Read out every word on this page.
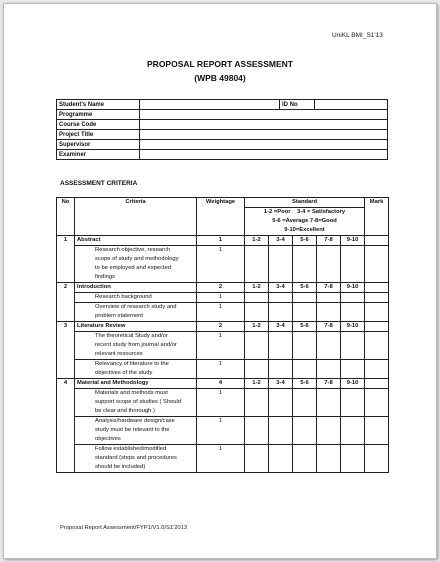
UniKL BMI_S1'13
PROPOSAL REPORT ASSESSMENT
(WPB 49804)
Student's Name		ID No	
Programme			
Course Code			
Project Title			
Supervisor			
Examiner			
ASSESSMENT CRITERIA
No	Criteria	Weightage	Standard					Mark

			1-2 =Poor 3-4 = Satisfactory
5-6 =Average 7-8=Good
9-10=Excellent					

1	Abstract	1	1-2	3-4	5-6	7-8	9-10	

	Research objective, research
scope of study and methodology
to be employed and expected
findings	1						
2	Introduction	2	1-2	3-4	5-6	7-8	9-10	

	Research background	1						

	Overview of research study and
problem statement	1						
3	Literature Review	2	1-2	3-4	5-6	7-8	9-10	

	The theoretical Study and/or
recent study from journal and/or
relevant resources	1						

	Relevancy of literature to the
objectives of the study	1						
4	Material and Methodology	4	1-2	3-4	5-6	7-8	9-10	

	Materials and methods must
support scope of studies ( Should
be clear and thorough )	1						

	Analysis/hardware design/case
study must be relevant to the
objectives	1						

	Follow established/modified
standard (steps and procedures
should be included)	1						
Proposal Report Assessment/FYP1/V1.0/S1'2013
